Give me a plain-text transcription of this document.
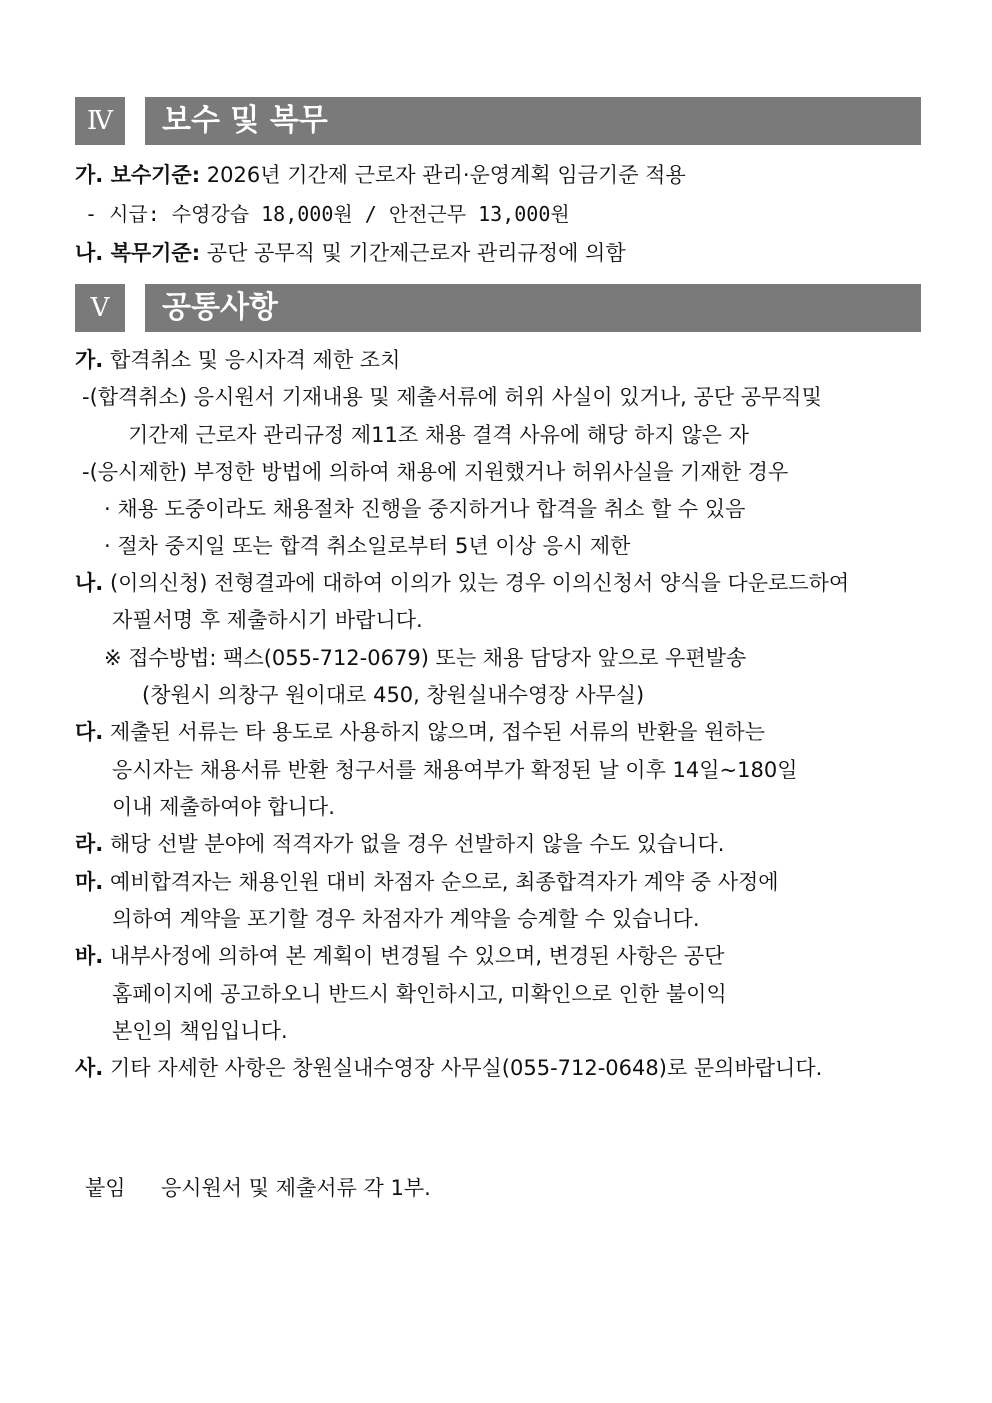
Ⅳ	보수 및 복무
가. 보수기준: 2026년 기간제 근로자 관리·운영계획 임금기준 적용
- 시급: 수영강습 18,000원 / 안전근무 13,000원
나. 복무기준: 공단 공무직 및 기간제근로자 관리규정에 의함
Ⅴ	공통사항
가. 합격취소 및 응시자격 제한 조치
-(합격취소) 응시원서 기재내용 및 제출서류에 허위 사실이 있거나, 공단 공무직및
기간제 근로자 관리규정 제11조 채용 결격 사유에 해당 하지 않은 자
-(응시제한) 부정한 방법에 의하여 채용에 지원했거나 허위사실을 기재한 경우
· 채용 도중이라도 채용절차 진행을 중지하거나 합격을 취소 할 수 있음
· 절차 중지일 또는 합격 취소일로부터 5년 이상 응시 제한
나. (이의신청) 전형결과에 대하여 이의가 있는 경우 이의신청서 양식을 다운로드하여
자필서명 후 제출하시기 바랍니다.
※ 접수방법: 팩스(055-712-0679) 또는 채용 담당자 앞으로 우편발송
(창원시 의창구 원이대로 450, 창원실내수영장 사무실)
다. 제출된 서류는 타 용도로 사용하지 않으며, 접수된 서류의 반환을 원하는
응시자는 채용서류 반환 청구서를 채용여부가 확정된 날 이후 14일~180일
이내 제출하여야 합니다.
라. 해당 선발 분야에 적격자가 없을 경우 선발하지 않을 수도 있습니다.
마. 예비합격자는 채용인원 대비 차점자 순으로, 최종합격자가 계약 중 사정에
의하여 계약을 포기할 경우 차점자가 계약을 승계할 수 있습니다.
바. 내부사정에 의하여 본 계획이 변경될 수 있으며, 변경된 사항은 공단
홈페이지에 공고하오니 반드시 확인하시고, 미확인으로 인한 불이익
본인의 책임입니다.
사. 기타 자세한 사항은 창원실내수영장 사무실(055-712-0648)로 문의바랍니다.
붙임 응시원서 및 제출서류 각 1부.
